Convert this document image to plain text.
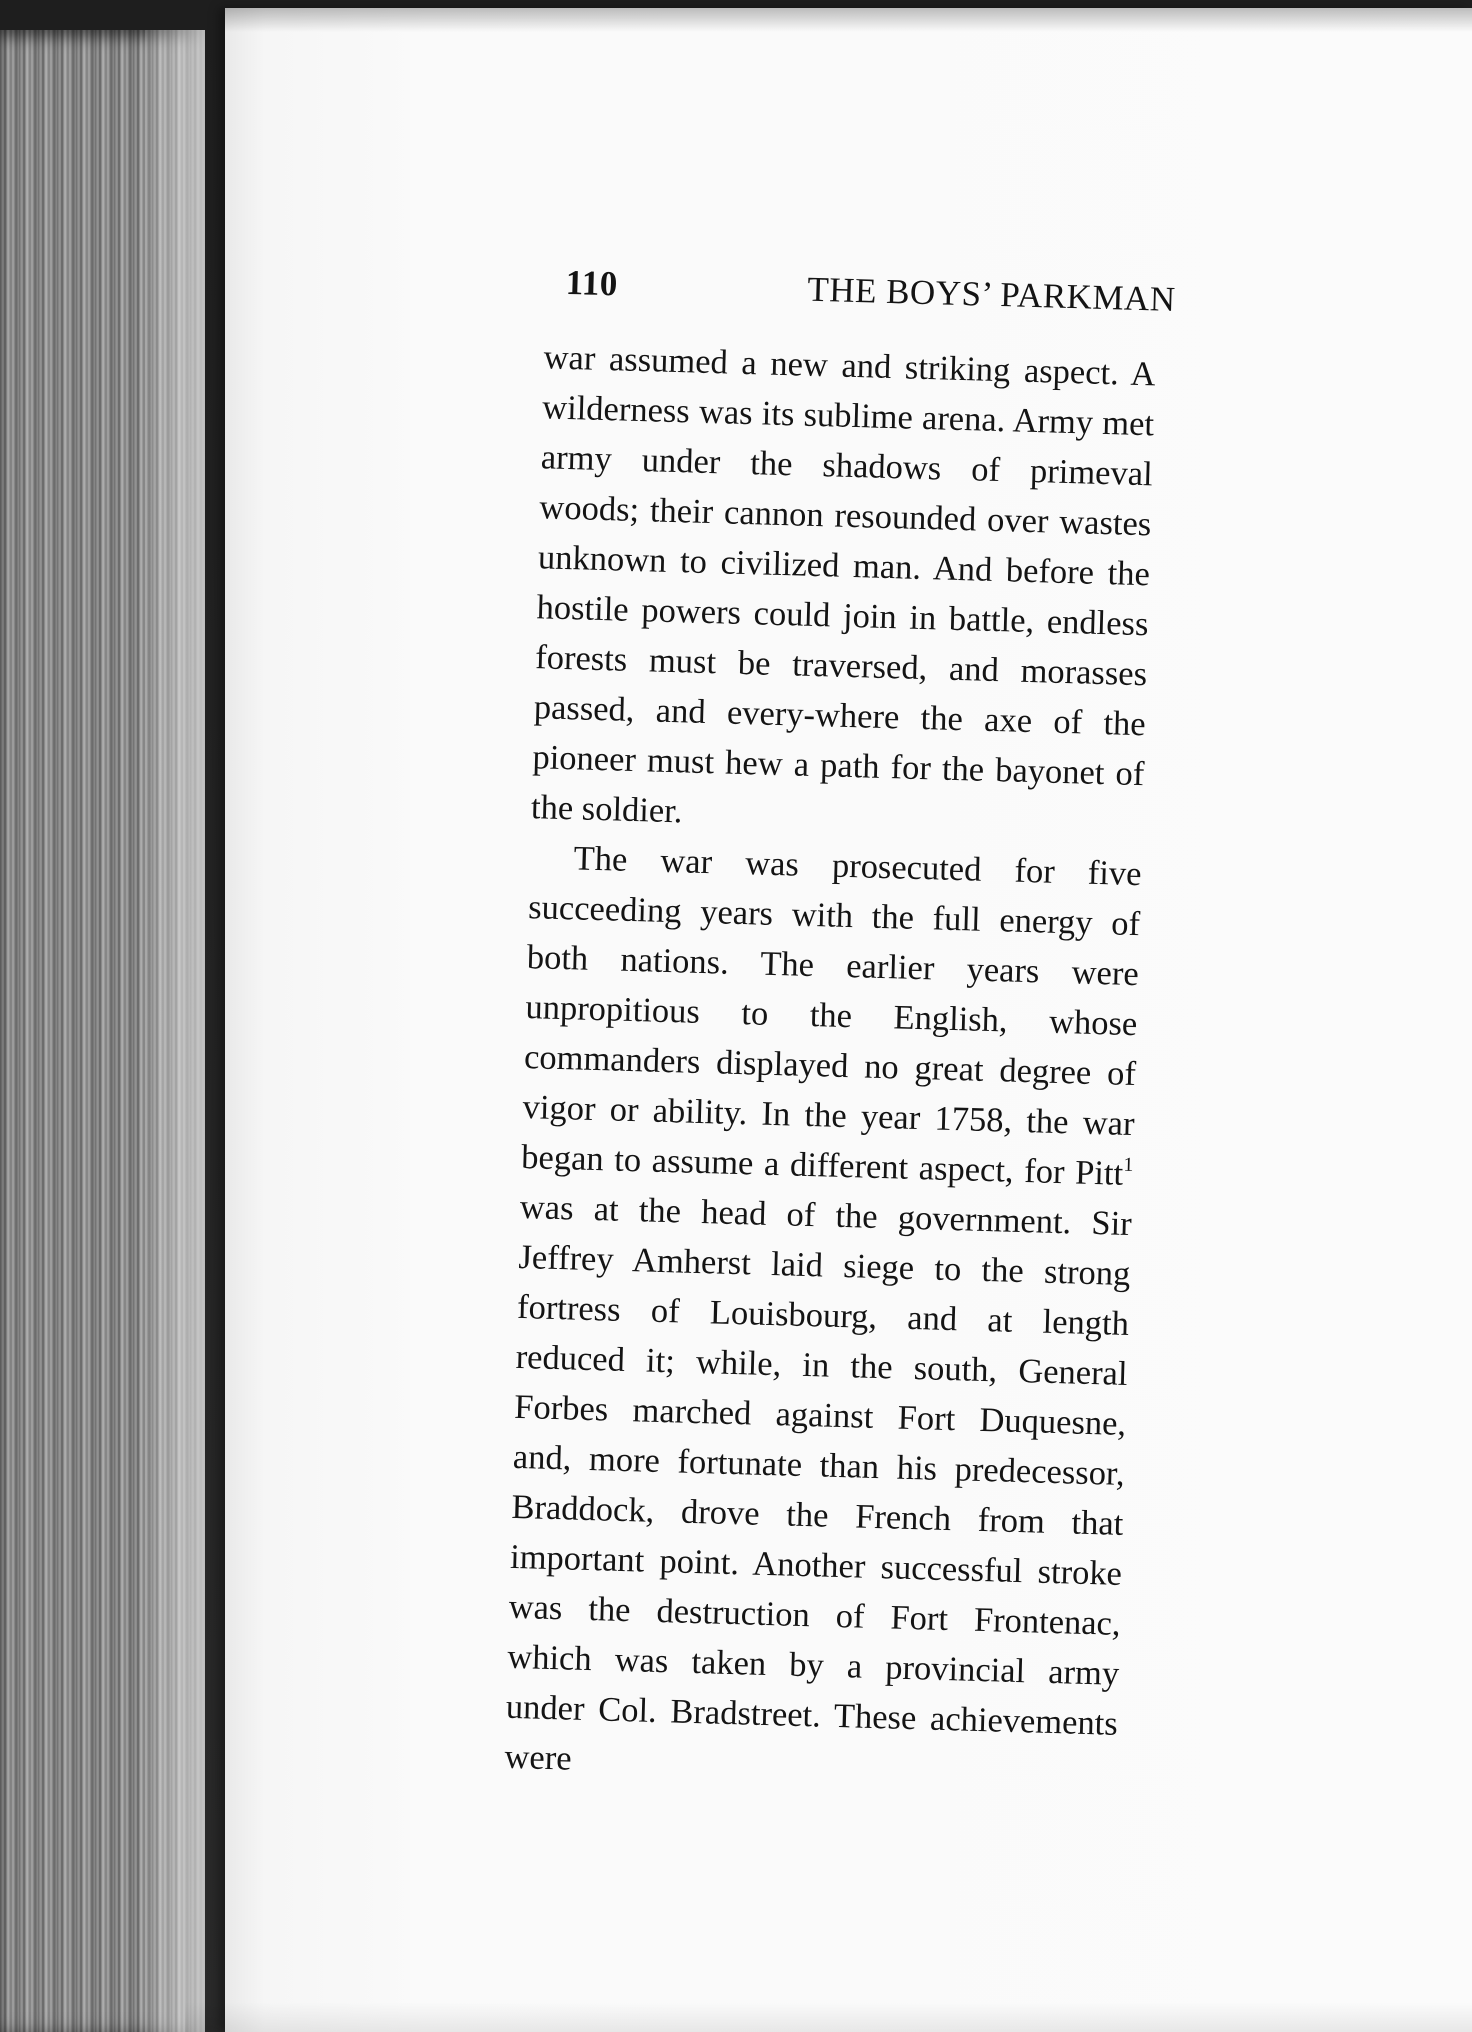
110	THE BOYS’ PARKMAN

war assumed a new and striking aspect. A wilderness was its sublime arena. Army met army under the shadows of primeval woods; their cannon resounded over wastes unknown to civilized man. And before the hostile powers could join in battle, endless forests must be traversed, and morasses passed, and every-where the axe of the pioneer must hew a path for the bayonet of the soldier.

The war was prosecuted for five succeeding years with the full energy of both nations. The earlier years were unpropitious to the English, whose commanders displayed no great degree of vigor or ability. In the year 1758, the war began to assume a different aspect, for Pitt$^1$ was at the head of the government. Sir Jeffrey Amherst laid siege to the strong fortress of Louisbourg, and at length reduced it; while, in the south, General Forbes marched against Fort Duquesne, and, more fortunate than his predecessor, Braddock, drove the French from that important point. Another successful stroke was the destruction of Fort Frontenac, which was taken by a provincial army under Col. Bradstreet. These achievements were
